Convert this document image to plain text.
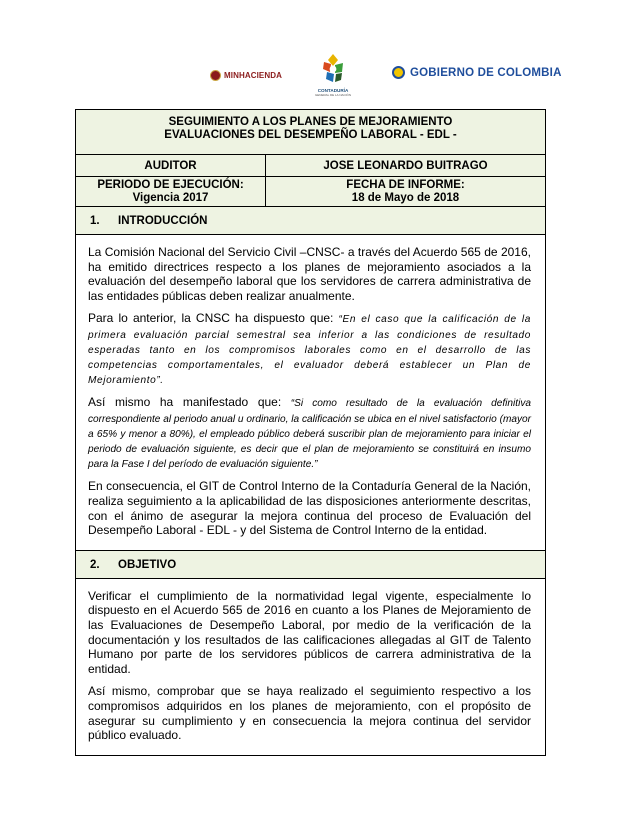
MINHACIENDA
CONTADURÍA
GENERAL DE LA NACIÓN
GOBIERNO DE COLOMBIA
SEGUIMIENTO A LOS PLANES DE MEJORAMIENTO
EVALUACIONES DEL DESEMPEÑO LABORAL - EDL -
AUDITOR	JOSE LEONARDO BUITRAGO
PERIODO DE EJECUCIÓN:
Vigencia 2017
FECHA DE INFORME:
18 de Mayo de 2018
1. INTRODUCCIÓN

La Comisión Nacional del Servicio Civil –CNSC- a través del Acuerdo 565 de 2016, ha emitido directrices respecto a los planes de mejoramiento asociados a la evaluación del desempeño laboral que los servidores de carrera administrativa de las entidades públicas deben realizar anualmente.

Para lo anterior, la CNSC ha dispuesto que: “En el caso que la calificación de la primera evaluación parcial semestral sea inferior a las condiciones de resultado esperadas tanto en los compromisos laborales como en el desarrollo de las competencias comportamentales, el evaluador deberá establecer un Plan de Mejoramiento”.

Así mismo ha manifestado que: “Si como resultado de la evaluación definitiva correspondiente al periodo anual u ordinario, la calificación se ubica en el nivel satisfactorio (mayor a 65% y menor a 80%), el empleado público deberá suscribir plan de mejoramiento para iniciar el periodo de evaluación siguiente, es decir que el plan de mejoramiento se constituirá en insumo para la Fase I del período de evaluación siguiente.”

En consecuencia, el GIT de Control Interno de la Contaduría General de la Nación, realiza seguimiento a la aplicabilidad de las disposiciones anteriormente descritas, con el ánimo de asegurar la mejora continua del proceso de Evaluación del Desempeño Laboral - EDL - y del Sistema de Control Interno de la entidad.

2. OBJETIVO

Verificar el cumplimiento de la normatividad legal vigente, especialmente lo dispuesto en el Acuerdo 565 de 2016 en cuanto a los Planes de Mejoramiento de las Evaluaciones de Desempeño Laboral, por medio de la verificación de la documentación y los resultados de las calificaciones allegadas al GIT de Talento Humano por parte de los servidores públicos de carrera administrativa de la entidad.

Así mismo, comprobar que se haya realizado el seguimiento respectivo a los compromisos adquiridos en los planes de mejoramiento, con el propósito de asegurar su cumplimiento y en consecuencia la mejora continua del servidor público evaluado.
